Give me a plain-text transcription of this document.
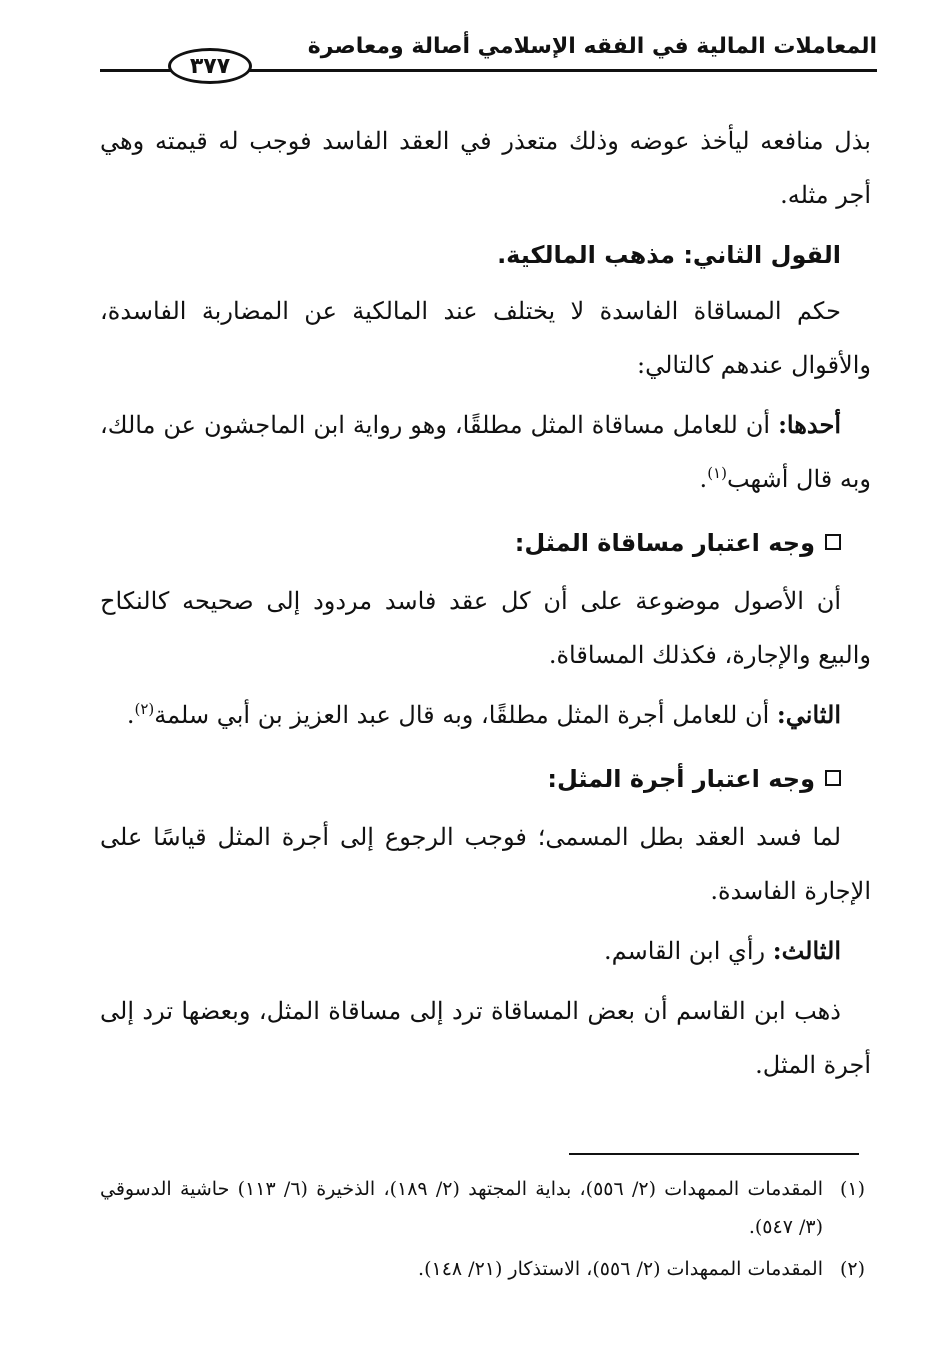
المعاملات المالية في الفقه الإسلامي أصالة ومعاصرة
٣٧٧

بذل منافعه ليأخذ عوضه وذلك متعذر في العقد الفاسد فوجب له قيمته وهي أجر مثله.

القول الثاني: مذهب المالكية.

حكم المساقاة الفاسدة لا يختلف عند المالكية عن المضاربة الفاسدة، والأقوال عندهم كالتالي:

أحدها: أن للعامل مساقاة المثل مطلقًا، وهو رواية ابن الماجشون عن مالك، وبه قال أشهب$^{(١)}$.

وجه اعتبار مساقاة المثل:

أن الأصول موضوعة على أن كل عقد فاسد مردود إلى صحيحه كالنكاح والبيع والإجارة، فكذلك المساقاة.

الثاني: أن للعامل أجرة المثل مطلقًا، وبه قال عبد العزيز بن أبي سلمة$^{(٢)}$.

وجه اعتبار أجرة المثل:

لما فسد العقد بطل المسمى؛ فوجب الرجوع إلى أجرة المثل قياسًا على الإجارة الفاسدة.

الثالث: رأي ابن القاسم.

ذهب ابن القاسم أن بعض المساقاة ترد إلى مساقاة المثل، وبعضها ترد إلى أجرة المثل.

(١)
المقدمات الممهدات (٢/ ٥٥٦)، بداية المجتهد (٢/ ١٨٩)، الذخيرة (٦/ ١١٣) حاشية الدسوقي (٣/ ٥٤٧).
(٢)
المقدمات الممهدات (٢/ ٥٥٦)، الاستذكار (٢١/ ١٤٨).
